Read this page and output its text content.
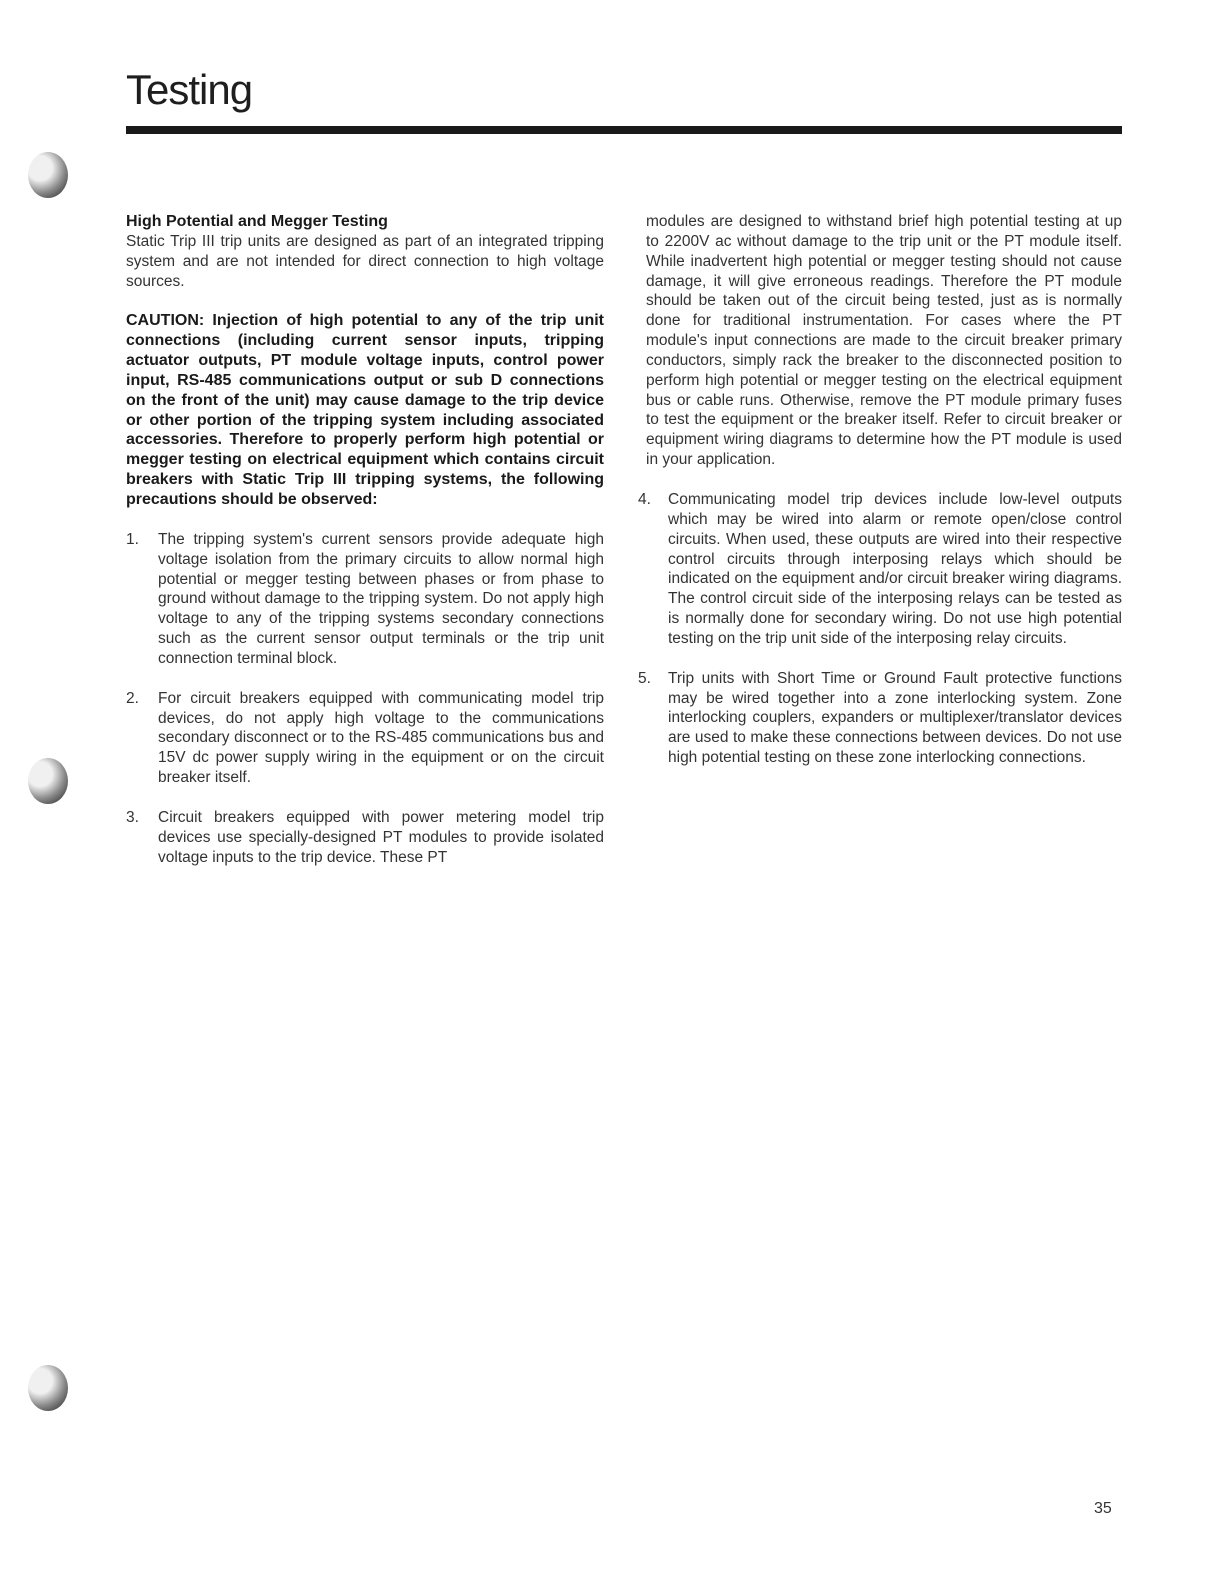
Testing
High Potential and Megger Testing

Static Trip III trip units are designed as part of an integrated tripping system and are not intended for direct connection to high voltage sources.

CAUTION: Injection of high potential to any of the trip unit connections (including current sensor inputs, tripping actuator outputs, PT module voltage inputs, control power input, RS-485 communications output or sub D connections on the front of the unit) may cause damage to the trip device or other portion of the tripping system including associated accessories. Therefore to properly perform high potential or megger testing on electrical equipment which contains circuit breakers with Static Trip III tripping systems, the following precautions should be observed:

1.	The tripping system's current sensors provide adequate high voltage isolation from the primary circuits to allow normal high potential or megger testing between phases or from phase to ground without damage to the tripping system. Do not apply high voltage to any of the tripping systems secondary connections such as the current sensor output terminals or the trip unit connection terminal block.

2.	For circuit breakers equipped with communicating model trip devices, do not apply high voltage to the communications secondary disconnect or to the RS-485 communications bus and 15V dc power supply wiring in the equipment or on the circuit breaker itself.

3.	Circuit breakers equipped with power metering model trip devices use specially-designed PT modules to provide isolated voltage inputs to the trip device. These PT

modules are designed to withstand brief high potential testing at up to 2200V ac without damage to the trip unit or the PT module itself. While inadvertent high potential or megger testing should not cause damage, it will give erroneous readings. Therefore the PT module should be taken out of the circuit being tested, just as is normally done for traditional instrumentation. For cases where the PT module's input connections are made to the circuit breaker primary conductors, simply rack the breaker to the disconnected position to perform high potential or megger testing on the electrical equipment bus or cable runs. Otherwise, remove the PT module primary fuses to test the equipment or the breaker itself. Refer to circuit breaker or equipment wiring diagrams to determine how the PT module is used in your application.

4.	Communicating model trip devices include low-level outputs which may be wired into alarm or remote open/close control circuits. When used, these outputs are wired into their respective control circuits through interposing relays which should be indicated on the equipment and/or circuit breaker wiring diagrams. The control circuit side of the interposing relays can be tested as is normally done for secondary wiring. Do not use high potential testing on the trip unit side of the interposing relay circuits.

5.	Trip units with Short Time or Ground Fault protective functions may be wired together into a zone interlocking system. Zone interlocking couplers, expanders or multiplexer/translator devices are used to make these connections between devices. Do not use high potential testing on these zone interlocking connections.

35
